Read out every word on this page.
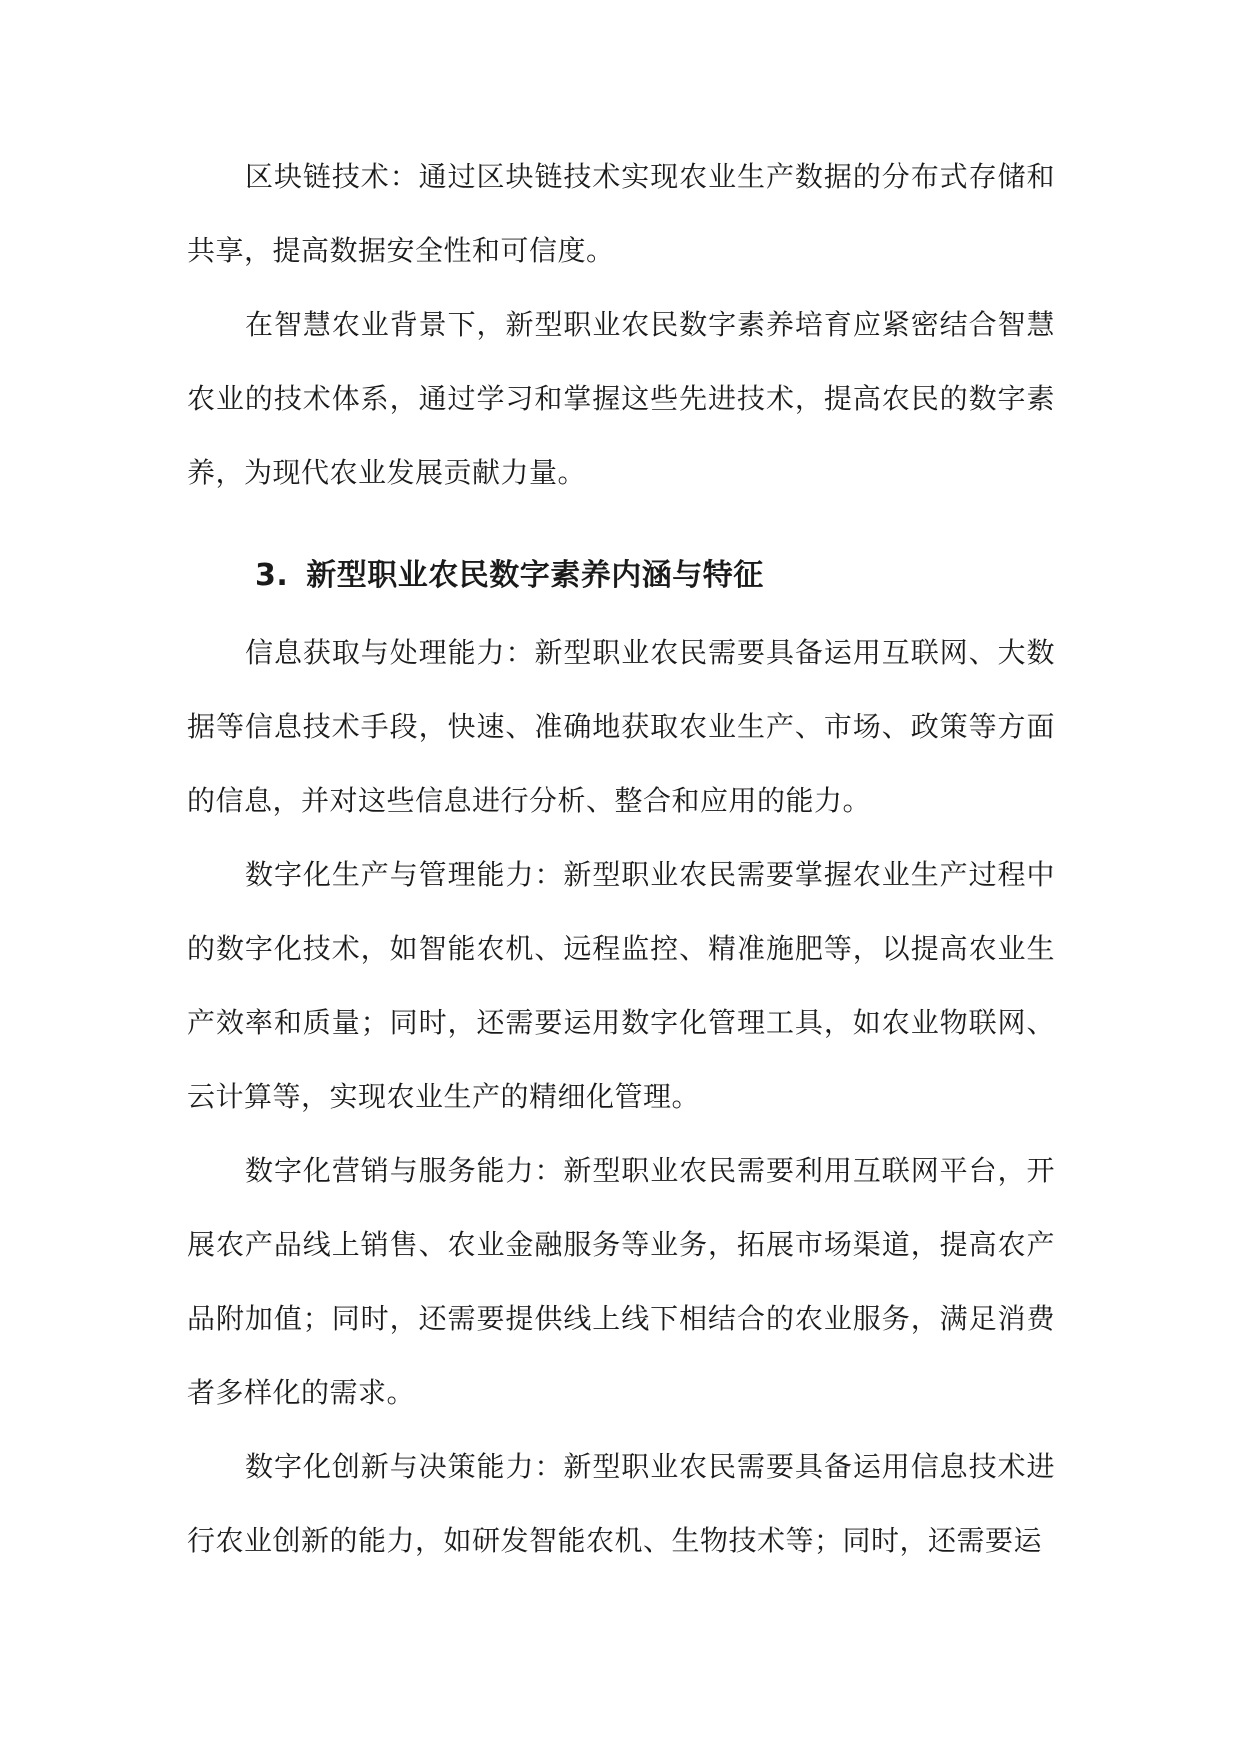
区块链技术：通过区块链技术实现农业生产数据的分布式存储和共享，提高数据安全性和可信度。

在智慧农业背景下，新型职业农民数字素养培育应紧密结合智慧农业的技术体系，通过学习和掌握这些先进技术，提高农民的数字素养，为现代农业发展贡献力量。

3. 新型职业农民数字素养内涵与特征

信息获取与处理能力：新型职业农民需要具备运用互联网、大数据等信息技术手段，快速、准确地获取农业生产、市场、政策等方面的信息，并对这些信息进行分析、整合和应用的能力。

数字化生产与管理能力：新型职业农民需要掌握农业生产过程中的数字化技术，如智能农机、远程监控、精准施肥等，以提高农业生产效率和质量；同时，还需要运用数字化管理工具，如农业物联网、云计算等，实现农业生产的精细化管理。

数字化营销与服务能力：新型职业农民需要利用互联网平台，开展农产品线上销售、农业金融服务等业务，拓展市场渠道，提高农产品附加值；同时，还需要提供线上线下相结合的农业服务，满足消费者多样化的需求。

数字化创新与决策能力：新型职业农民需要具备运用信息技术进行农业创新的能力，如研发智能农机、生物技术等；同时，还需要运
